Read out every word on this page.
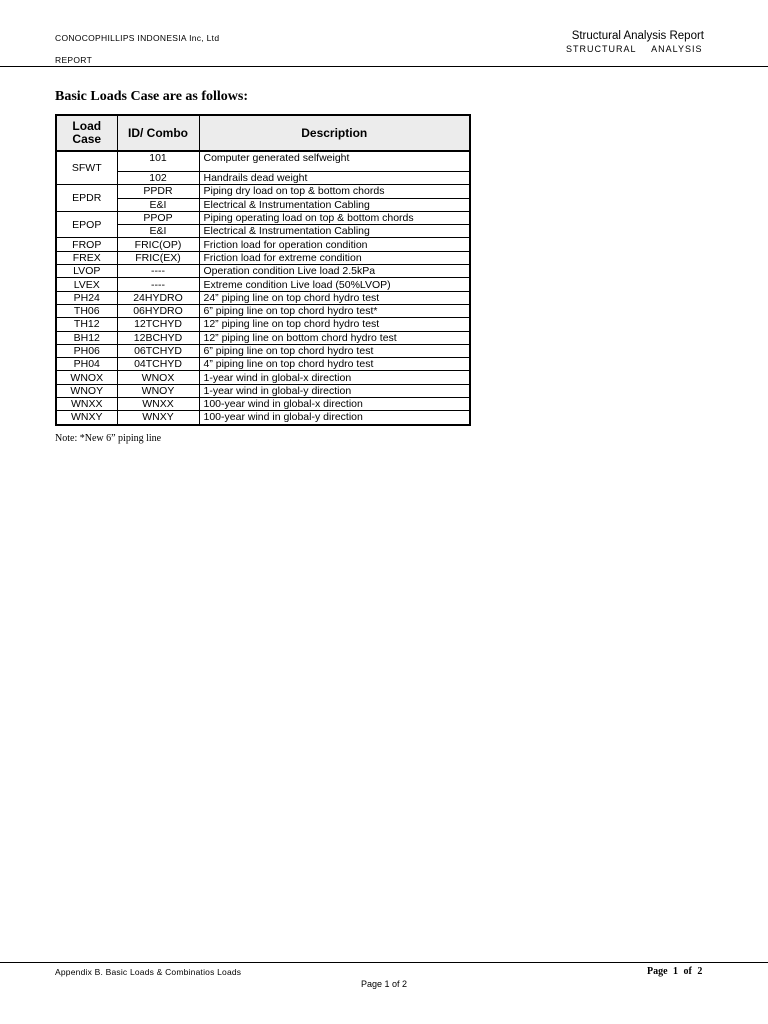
CONOCOPHILLIPS INDONESIA Inc, Ltd
REPORT
Structural Analysis Report
STRUCTURAL ANALYSIS
Basic Loads Case are as follows:
Load Case	ID/ Combo	Description
SFWT	101	Computer generated selfweight
	102	Handrails dead weight
EPDR	PPDR	Piping dry load on top & bottom chords
	E&I	Electrical & Instrumentation Cabling
EPOP	PPOP	Piping operating load on top & bottom chords
	E&I	Electrical & Instrumentation Cabling
FROP	FRIC(OP)	Friction load for operation condition
FREX	FRIC(EX)	Friction load for extreme condition
LVOP	----	Operation condition Live load 2.5kPa
LVEX	----	Extreme condition Live load (50%LVOP)
PH24	24HYDRO	24” piping line on top chord hydro test
TH06	06HYDRO	6” piping line on top chord hydro test*
TH12	12TCHYD	12” piping line on top chord hydro test
BH12	12BCHYD	12” piping line on bottom chord hydro test
PH06	06TCHYD	6” piping line on top chord hydro test
PH04	04TCHYD	4” piping line on top chord hydro test
WNOX	WNOX	1-year wind in global-x direction
WNOY	WNOY	1-year wind in global-y direction
WNXX	WNXX	100-year wind in global-x direction
WNXY	WNXY	100-year wind in global-y direction
Note: *New 6” piping line
Appendix B. Basic Loads & Combinatios Loads	Page 1 of 2
Page 1 of 2
